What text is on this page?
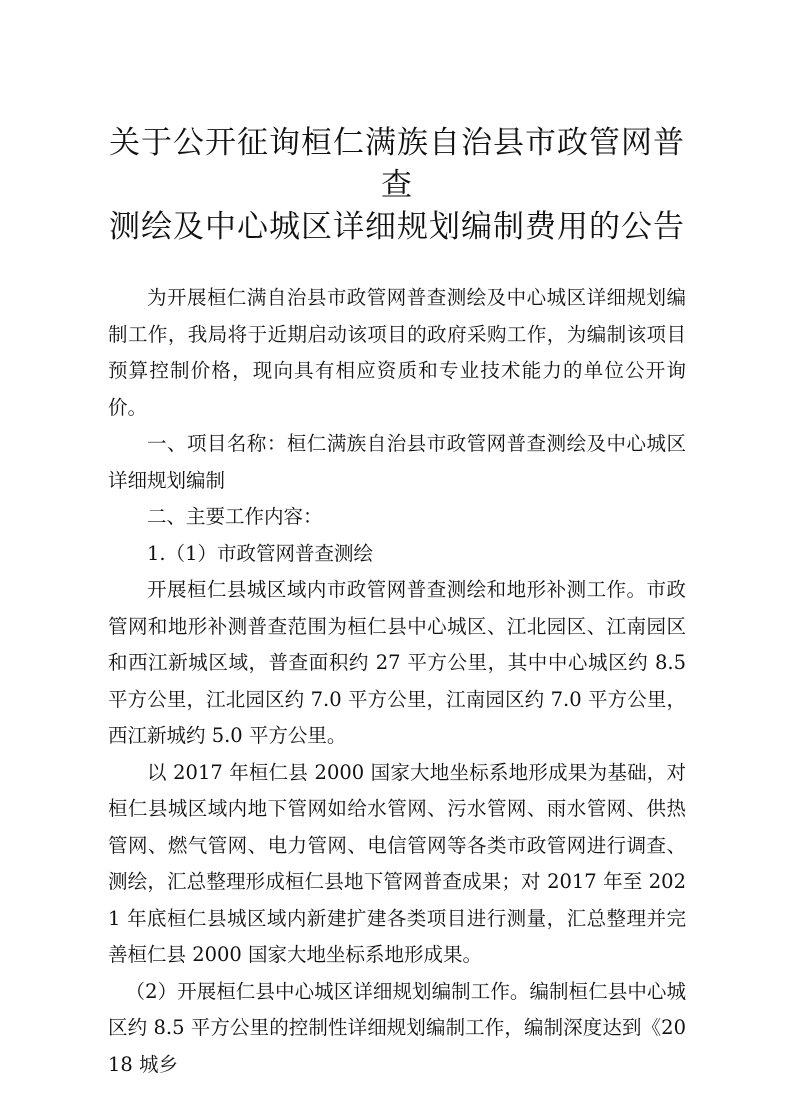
关于公开征询桓仁满族自治县市政管网普查
测绘及中心城区详细规划编制费用的公告

为开展桓仁满自治县市政管网普查测绘及中心城区详细规划编制工作，我局将于近期启动该项目的政府采购工作，为编制该项目预算控制价格，现向具有相应资质和专业技术能力的单位公开询价。

一、项目名称：桓仁满族自治县市政管网普查测绘及中心城区详细规划编制

二、主要工作内容：

1.（1）市政管网普查测绘

开展桓仁县城区域内市政管网普查测绘和地形补测工作。市政管网和地形补测普查范围为桓仁县中心城区、江北园区、江南园区和西江新城区域，普查面积约 27 平方公里，其中中心城区约 8.5 平方公里，江北园区约 7.0 平方公里，江南园区约 7.0 平方公里，西江新城约 5.0 平方公里。

以 2017 年桓仁县 2000 国家大地坐标系地形成果为基础，对桓仁县城区域内地下管网如给水管网、污水管网、雨水管网、供热管网、燃气管网、电力管网、电信管网等各类市政管网进行调查、测绘，汇总整理形成桓仁县地下管网普查成果；对 2017 年至 2021 年底桓仁县城区域内新建扩建各类项目进行测量，汇总整理并完善桓仁县 2000 国家大地坐标系地形成果。

（2）开展桓仁县中心城区详细规划编制工作。编制桓仁县中心城区约 8.5 平方公里的控制性详细规划编制工作，编制深度达到《2018 城乡
